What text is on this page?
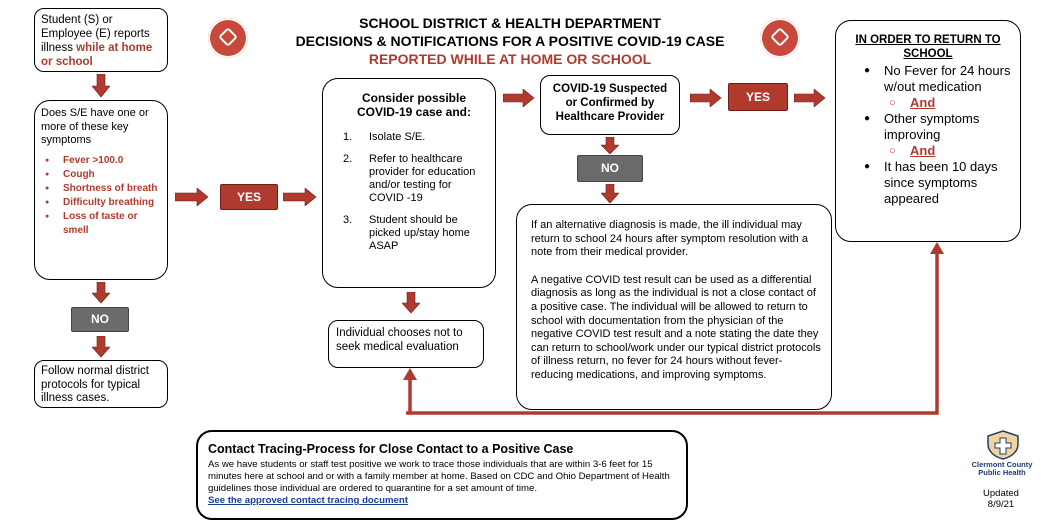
SCHOOL DISTRICT & HEALTH DEPARTMENT
DECISIONS & NOTIFICATIONS FOR A POSITIVE COVID-19 CASE
REPORTED WHILE AT HOME OR SCHOOL
Student (S) or Employee (E) reports illness while at home or school
Does S/E have one or more of these key symptoms
● Fever >100.0
● Cough
● Shortness of breath
● Difficulty breathing
● Loss of taste or smell
NO
Follow normal district protocols for typical illness cases.
YES
Consider possible COVID-19 case and:
1. Isolate S/E.
2. Refer to healthcare provider for education and/or testing for COVID -19
3. Student should be picked up/stay home ASAP
Individual chooses not to seek medical evaluation
COVID-19 Suspected or Confirmed by Healthcare Provider
YES
NO
If an alternative diagnosis is made, the ill individual may return to school 24 hours after symptom resolution with a note from their medical provider.
A negative COVID test result can be used as a differential diagnosis as long as the individual is not a close contact of a positive case. The individual will be allowed to return to school with documentation from the physician of the negative COVID test result and a note stating the date they can return to school/work under our typical district protocols of illness return, no fever for 24 hours without fever-reducing medications, and improving symptoms.
IN ORDER TO RETURN TO SCHOOL
● No Fever for 24 hours w/out medication
○ And
● Other symptoms improving
○ And
● It has been 10 days since symptoms appeared
Contact Tracing-Process for Close Contact to a Positive Case
As we have students or staff test positive we work to trace those individuals that are within 3-6 feet for 15 minutes here at school and or with a family member at home. Based on CDC and Ohio Department of Health guidelines those individual are ordered to quarantine for a set amount of time.
See the approved contact tracing document
Clermont County
Public Health
Updated
8/9/21
